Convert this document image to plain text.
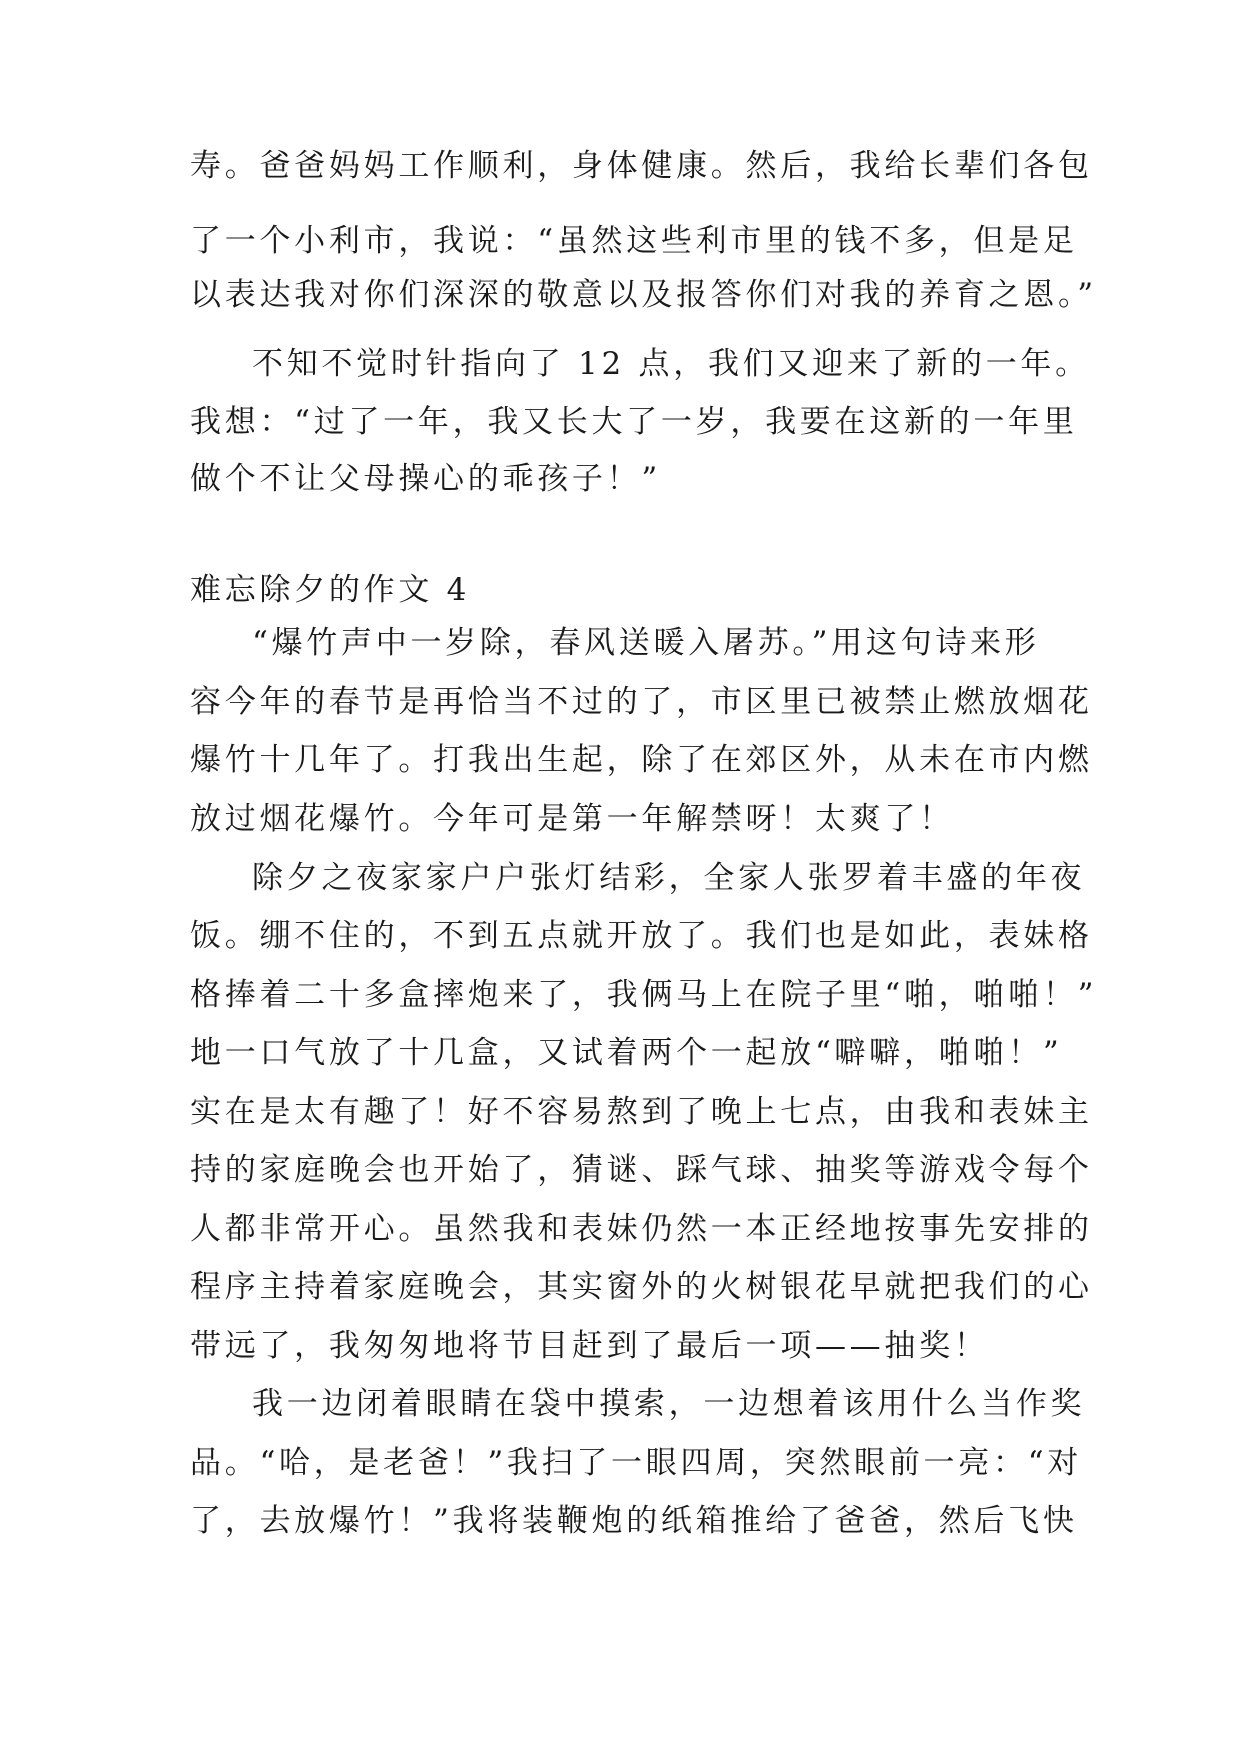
寿。爸爸妈妈工作顺利，身体健康。然后，我给长辈们各包
了一个小利市，我说：“虽然这些利市里的钱不多，但是足
以表达我对你们深深的敬意以及报答你们对我的养育之恩。”
不知不觉时针指向了 12 点，我们又迎来了新的一年。
我想：“过了一年，我又长大了一岁，我要在这新的一年里
做个不让父母操心的乖孩子！”
难忘除夕的作文 4
“爆竹声中一岁除，春风送暖入屠苏。”用这句诗来形
容今年的春节是再恰当不过的了，市区里已被禁止燃放烟花
爆竹十几年了。打我出生起，除了在郊区外，从未在市内燃
放过烟花爆竹。今年可是第一年解禁呀！太爽了！
除夕之夜家家户户张灯结彩，全家人张罗着丰盛的年夜
饭。绷不住的，不到五点就开放了。我们也是如此，表妹格
格捧着二十多盒摔炮来了，我俩马上在院子里“啪，啪啪！”
地一口气放了十几盒，又试着两个一起放“噼噼，啪啪！”
实在是太有趣了！好不容易熬到了晚上七点，由我和表妹主
持的家庭晚会也开始了，猜谜、踩气球、抽奖等游戏令每个
人都非常开心。虽然我和表妹仍然一本正经地按事先安排的
程序主持着家庭晚会，其实窗外的火树银花早就把我们的心
带远了，我匆匆地将节目赶到了最后一项——抽奖！
我一边闭着眼睛在袋中摸索，一边想着该用什么当作奖
品。“哈，是老爸！”我扫了一眼四周，突然眼前一亮：“对
了，去放爆竹！”我将装鞭炮的纸箱推给了爸爸，然后飞快
